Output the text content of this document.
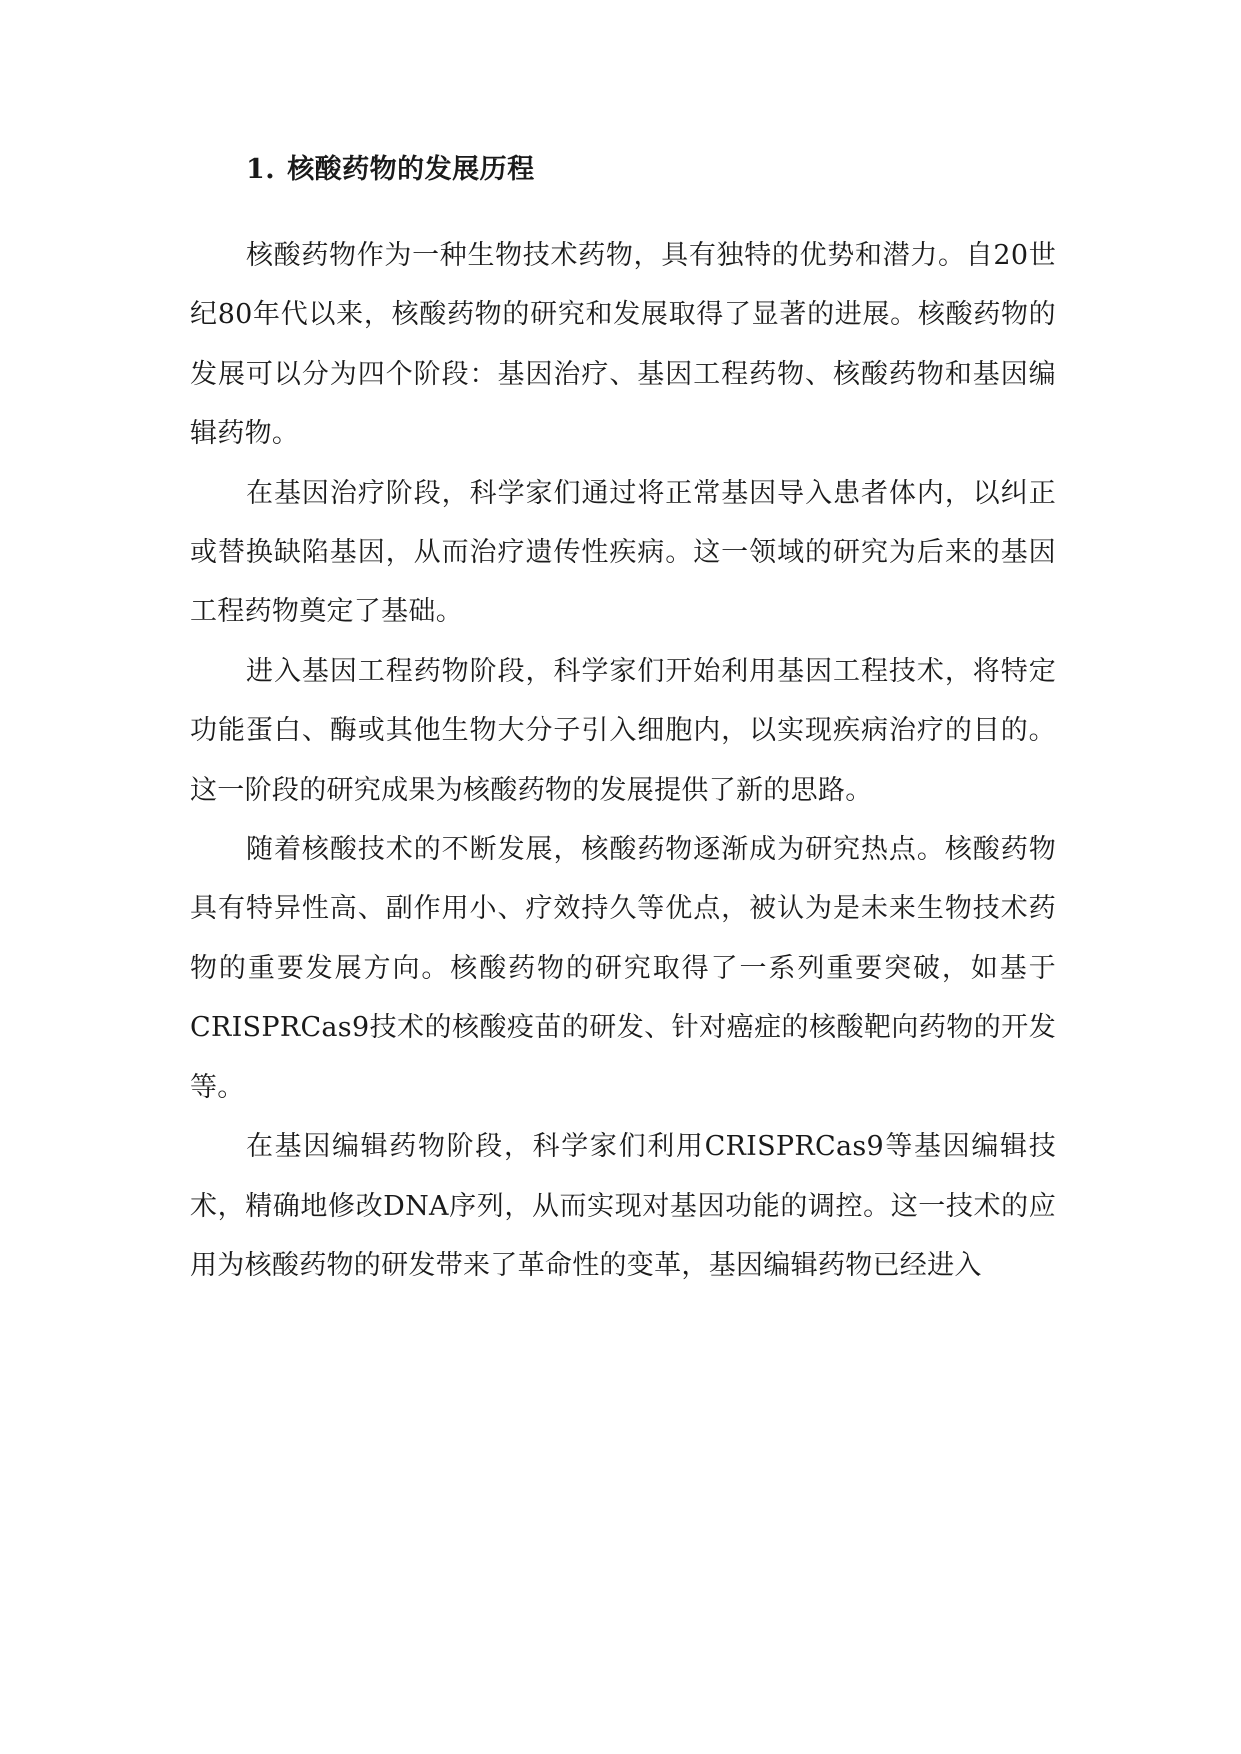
1. 核酸药物的发展历程

核酸药物作为一种生物技术药物，具有独特的优势和潜力。自20世纪80年代以来，核酸药物的研究和发展取得了显著的进展。核酸药物的发展可以分为四个阶段：基因治疗、基因工程药物、核酸药物和基因编辑药物。

在基因治疗阶段，科学家们通过将正常基因导入患者体内，以纠正或替换缺陷基因，从而治疗遗传性疾病。这一领域的研究为后来的基因工程药物奠定了基础。

进入基因工程药物阶段，科学家们开始利用基因工程技术，将特定功能蛋白、酶或其他生物大分子引入细胞内，以实现疾病治疗的目的。这一阶段的研究成果为核酸药物的发展提供了新的思路。

随着核酸技术的不断发展，核酸药物逐渐成为研究热点。核酸药物具有特异性高、副作用小、疗效持久等优点，被认为是未来生物技术药物的重要发展方向。核酸药物的研究取得了一系列重要突破，如基于CRISPRCas9技术的核酸疫苗的研发、针对癌症的核酸靶向药物的开发等。

在基因编辑药物阶段，科学家们利用CRISPRCas9等基因编辑技术，精确地修改DNA序列，从而实现对基因功能的调控。这一技术的应用为核酸药物的研发带来了革命性的变革，基因编辑药物已经进入
